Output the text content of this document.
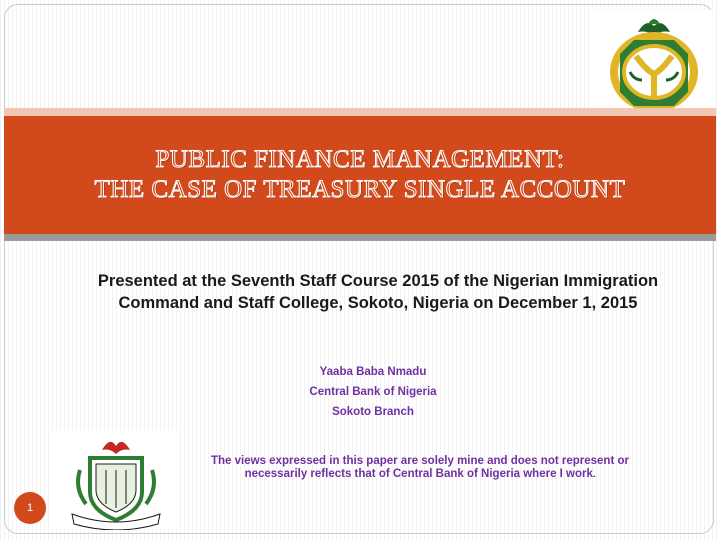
PUBLIC FINANCE MANAGEMENT:
THE CASE OF TREASURY SINGLE ACCOUNT
Presented at the Seventh Staff Course 2015 of the Nigerian Immigration Command and Staff College, Sokoto, Nigeria on December 1, 2015
Yaaba Baba Nmadu
Central Bank of Nigeria
Sokoto Branch
The views expressed in this paper are solely mine and does not represent or necessarily reflects that of Central Bank of Nigeria where I work.
1
